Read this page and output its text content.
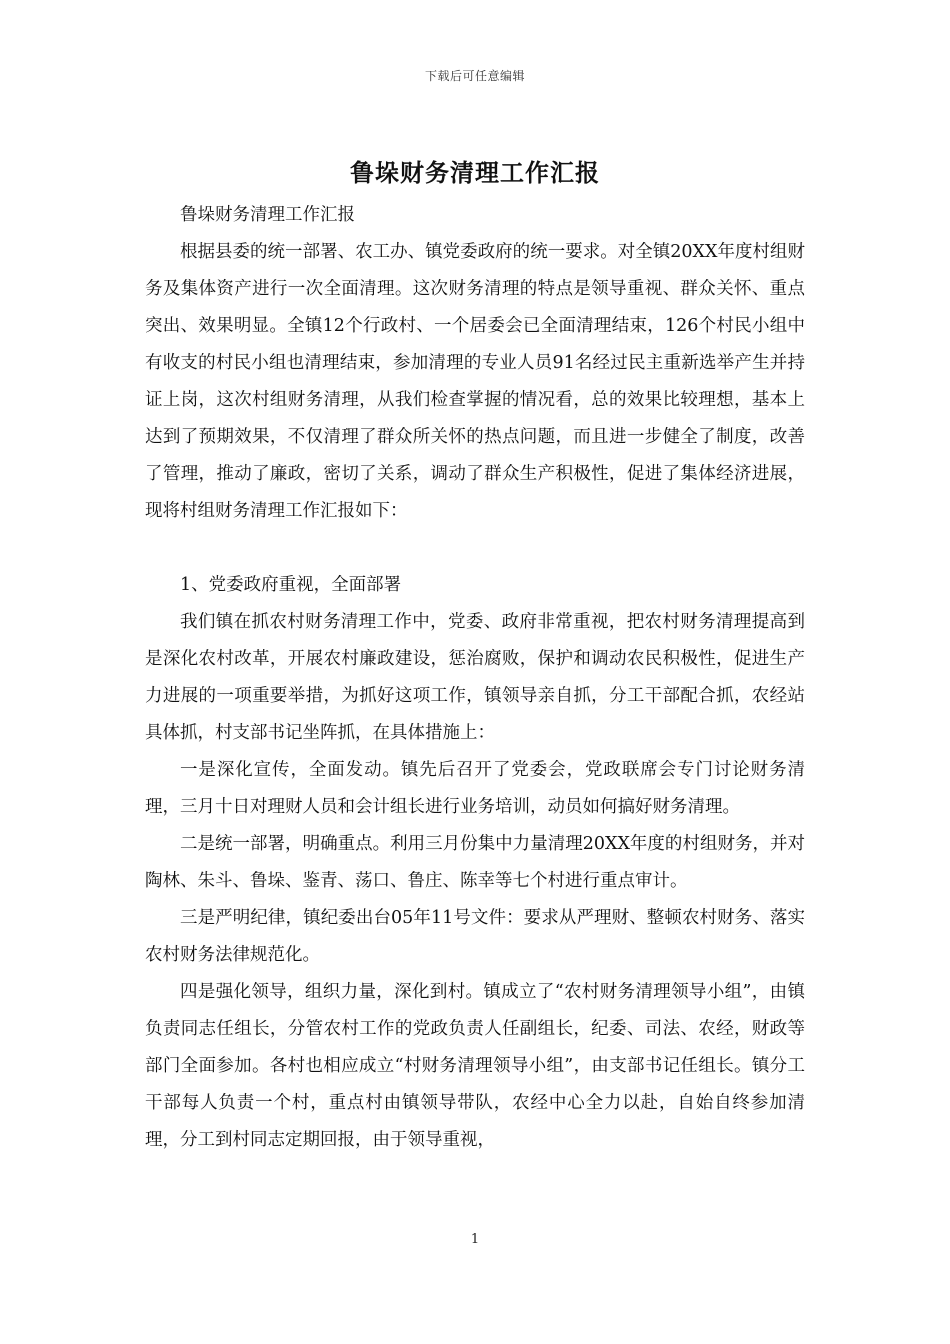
下载后可任意编辑
鲁垛财务清理工作汇报

鲁垛财务清理工作汇报

根据县委的统一部署、农工办、镇党委政府的统一要求。对全镇20XX年度村组财务及集体资产进行一次全面清理。这次财务清理的特点是领导重视、群众关怀、重点突出、效果明显。全镇12个行政村、一个居委会已全面清理结束，126个村民小组中有收支的村民小组也清理结束，参加清理的专业人员91名经过民主重新选举产生并持证上岗，这次村组财务清理，从我们检查掌握的情况看，总的效果比较理想，基本上达到了预期效果，不仅清理了群众所关怀的热点问题，而且进一步健全了制度，改善了管理，推动了廉政，密切了关系，调动了群众生产积极性，促进了集体经济进展，现将村组财务清理工作汇报如下：

1、党委政府重视，全面部署

我们镇在抓农村财务清理工作中，党委、政府非常重视，把农村财务清理提高到是深化农村改革，开展农村廉政建设，惩治腐败，保护和调动农民积极性，促进生产力进展的一项重要举措，为抓好这项工作，镇领导亲自抓，分工干部配合抓，农经站具体抓，村支部书记坐阵抓，在具体措施上：

一是深化宣传，全面发动。镇先后召开了党委会，党政联席会专门讨论财务清理，三月十日对理财人员和会计组长进行业务培训，动员如何搞好财务清理。

二是统一部署，明确重点。利用三月份集中力量清理20XX年度的村组财务，并对陶林、朱斗、鲁垛、鉴青、荡口、鲁庄、陈幸等七个村进行重点审计。

三是严明纪律，镇纪委出台05年11号文件：要求从严理财、整顿农村财务、落实农村财务法律规范化。

四是强化领导，组织力量，深化到村。镇成立了“农村财务清理领导小组”，由镇负责同志任组长，分管农村工作的党政负责人任副组长，纪委、司法、农经，财政等部门全面参加。各村也相应成立“村财务清理领导小组”，由支部书记任组长。镇分工干部每人负责一个村，重点村由镇领导带队，农经中心全力以赴，自始自终参加清理，分工到村同志定期回报，由于领导重视，

1
